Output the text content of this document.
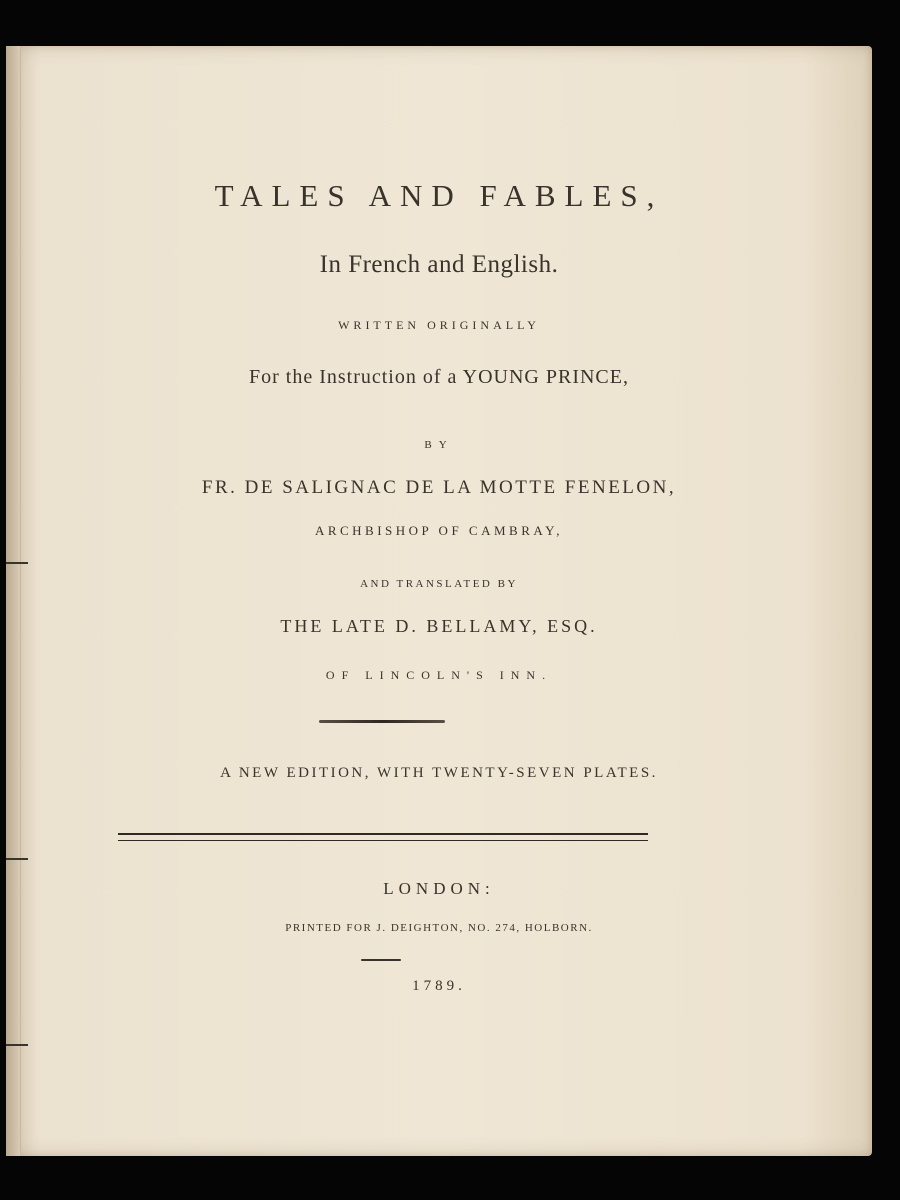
TALES AND FABLES,
In French and English.
WRITTEN ORIGINALLY
For the Instruction of a YOUNG PRINCE,
BY
FR. DE SALIGNAC DE LA MOTTE FENELON,
ARCHBISHOP OF CAMBRAY,
AND TRANSLATED BY
THE LATE D. BELLAMY, ESQ.
OF LINCOLN'S INN.
A NEW EDITION, WITH TWENTY-SEVEN PLATES.
LONDON:
PRINTED FOR J. DEIGHTON, NO. 274, HOLBORN.
1789.
